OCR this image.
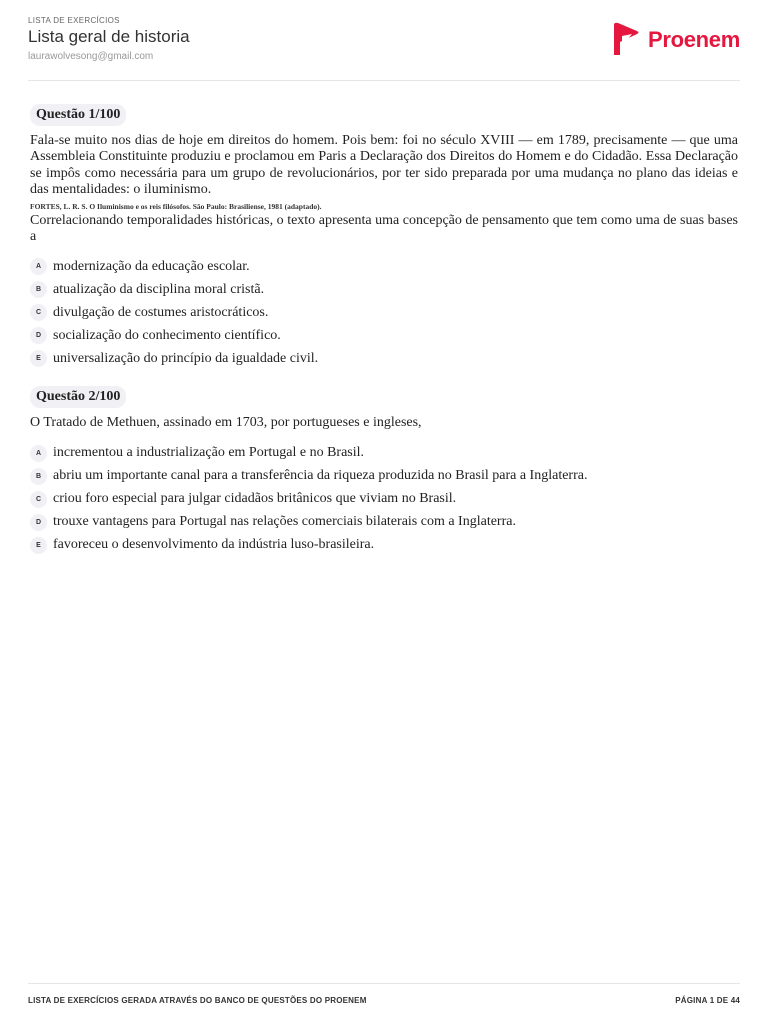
LISTA DE EXERCÍCIOS
Lista geral de historia
laurawolvesong@gmail.com
Proenem
Questão 1/100
Fala-se muito nos dias de hoje em direitos do homem. Pois bem: foi no século XVIII — em 1789, precisamente — que uma Assembleia Constituinte produziu e proclamou em Paris a Declaração dos Direitos do Homem e do Cidadão. Essa Declaração se impôs como necessária para um grupo de revolucionários, por ter sido preparada por uma mudança no plano das ideias e das mentalidades: o iluminismo.
FORTES, L. R. S. O Iluminismo e os reis filósofos. São Paulo: Brasiliense, 1981 (adaptado).
Correlacionando temporalidades históricas, o texto apresenta uma concepção de pensamento que tem como uma de suas bases a
A modernização da educação escolar.
B atualização da disciplina moral cristã.
C divulgação de costumes aristocráticos.
D socialização do conhecimento científico.
E universalização do princípio da igualdade civil.
Questão 2/100
O Tratado de Methuen, assinado em 1703, por portugueses e ingleses,
A incrementou a industrialização em Portugal e no Brasil.
B abriu um importante canal para a transferência da riqueza produzida no Brasil para a Inglaterra.
C criou foro especial para julgar cidadãos britânicos que viviam no Brasil.
D trouxe vantagens para Portugal nas relações comerciais bilaterais com a Inglaterra.
E favoreceu o desenvolvimento da indústria luso-brasileira.
LISTA DE EXERCÍCIOS GERADA ATRAVÉS DO BANCO DE QUESTÕES DO PROENEM	PÁGINA 1 DE 44
